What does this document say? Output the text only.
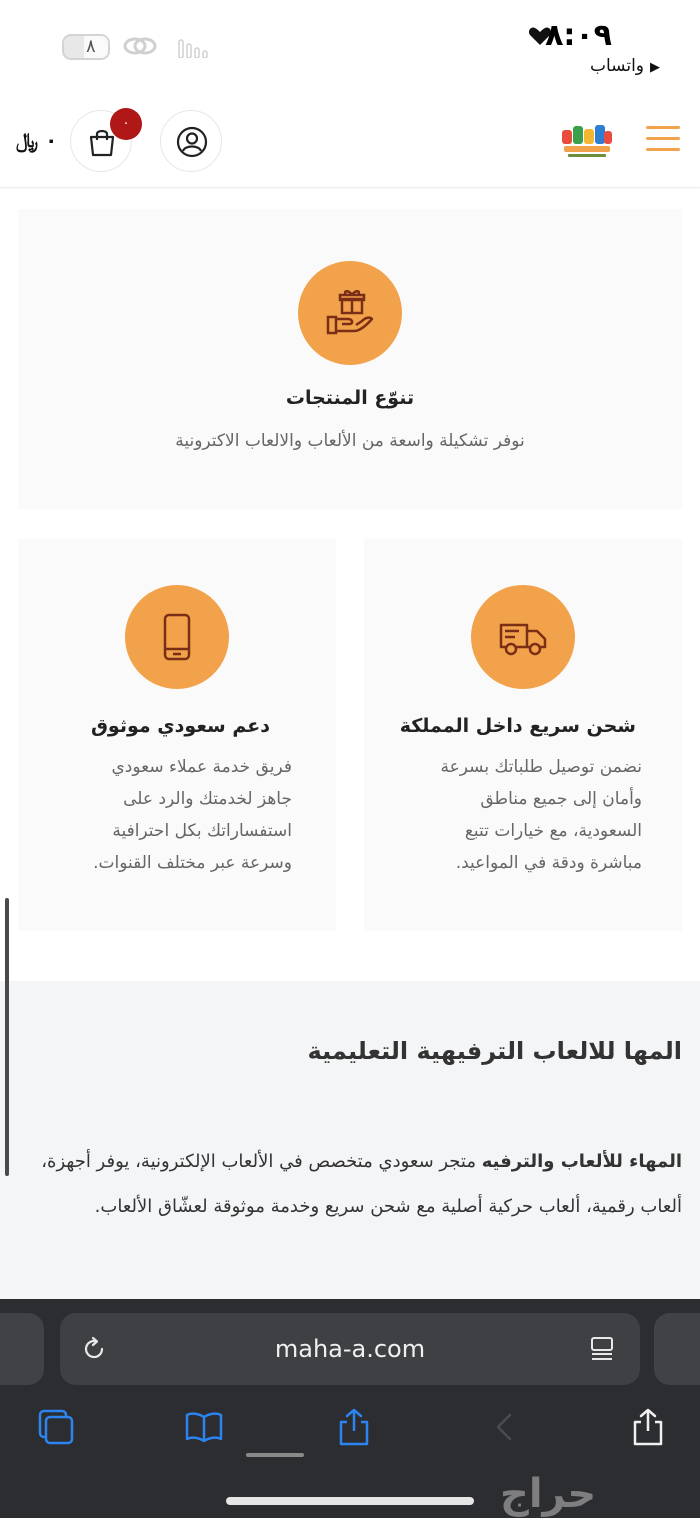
٨	٨:٠٩
واتساب ▶
٠
٠ ﷼
تنوّع المنتجات
نوفر تشكيلة واسعة من الألعاب والالعاب الاكترونية
شحن سريع داخل المملكة
نضمن توصيل طلباتك بسرعة
وأمان إلى جميع مناطق
السعودية، مع خيارات تتبع
مباشرة ودقة في المواعيد.
دعم سعودي موثوق
فريق خدمة عملاء سعودي
جاهز لخدمتك والرد على
استفساراتك بكل احترافية
وسرعة عبر مختلف القنوات.
المها للالعاب الترفيهية التعليمية
المهاء للألعاب والترفيه متجر سعودي متخصص في الألعاب الإلكترونية، يوفر أجهزة، ألعاب رقمية، ألعاب حركية أصلية مع شحن سريع وخدمة موثوقة لعشّاق الألعاب.
maha-a.com
حراج
